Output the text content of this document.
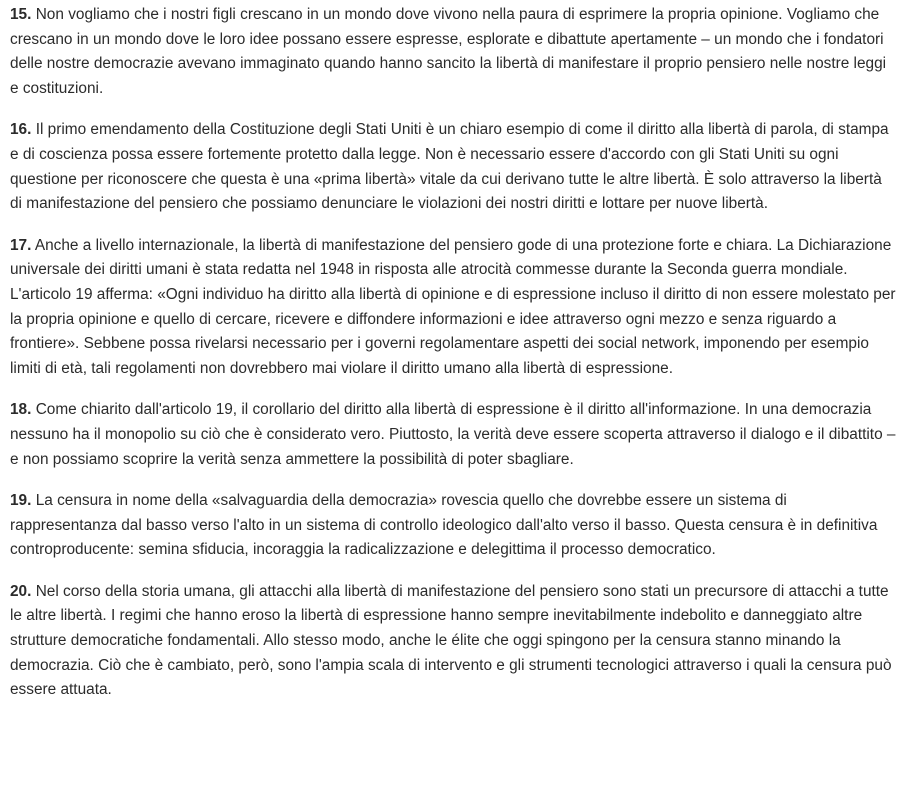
15. Non vogliamo che i nostri figli crescano in un mondo dove vivono nella paura di esprimere la propria opinione. Vogliamo che crescano in un mondo dove le loro idee possano essere espresse, esplorate e dibattute apertamente – un mondo che i fondatori delle nostre democrazie avevano immaginato quando hanno sancito la libertà di manifestare il proprio pensiero nelle nostre leggi e costituzioni.

16. Il primo emendamento della Costituzione degli Stati Uniti è un chiaro esempio di come il diritto alla libertà di parola, di stampa e di coscienza possa essere fortemente protetto dalla legge. Non è necessario essere d'accordo con gli Stati Uniti su ogni questione per riconoscere che questa è una «prima libertà» vitale da cui derivano tutte le altre libertà. È solo attraverso la libertà di manifestazione del pensiero che possiamo denunciare le violazioni dei nostri diritti e lottare per nuove libertà.

17. Anche a livello internazionale, la libertà di manifestazione del pensiero gode di una protezione forte e chiara. La Dichiarazione universale dei diritti umani è stata redatta nel 1948 in risposta alle atrocità commesse durante la Seconda guerra mondiale. L'articolo 19 afferma: «Ogni individuo ha diritto alla libertà di opinione e di espressione incluso il diritto di non essere molestato per la propria opinione e quello di cercare, ricevere e diffondere informazioni e idee attraverso ogni mezzo e senza riguardo a frontiere». Sebbene possa rivelarsi necessario per i governi regolamentare aspetti dei social network, imponendo per esempio limiti di età, tali regolamenti non dovrebbero mai violare il diritto umano alla libertà di espressione.

18. Come chiarito dall'articolo 19, il corollario del diritto alla libertà di espressione è il diritto all'informazione. In una democrazia nessuno ha il monopolio su ciò che è considerato vero. Piuttosto, la verità deve essere scoperta attraverso il dialogo e il dibattito – e non possiamo scoprire la verità senza ammettere la possibilità di poter sbagliare.

19. La censura in nome della «salvaguardia della democrazia» rovescia quello che dovrebbe essere un sistema di rappresentanza dal basso verso l'alto in un sistema di controllo ideologico dall'alto verso il basso. Questa censura è in definitiva controproducente: semina sfiducia, incoraggia la radicalizzazione e delegittima il processo democratico.

20. Nel corso della storia umana, gli attacchi alla libertà di manifestazione del pensiero sono stati un precursore di attacchi a tutte le altre libertà. I regimi che hanno eroso la libertà di espressione hanno sempre inevitabilmente indebolito e danneggiato altre strutture democratiche fondamentali. Allo stesso modo, anche le élite che oggi spingono per la censura stanno minando la democrazia. Ciò che è cambiato, però, sono l'ampia scala di intervento e gli strumenti tecnologici attraverso i quali la censura può essere attuata.
